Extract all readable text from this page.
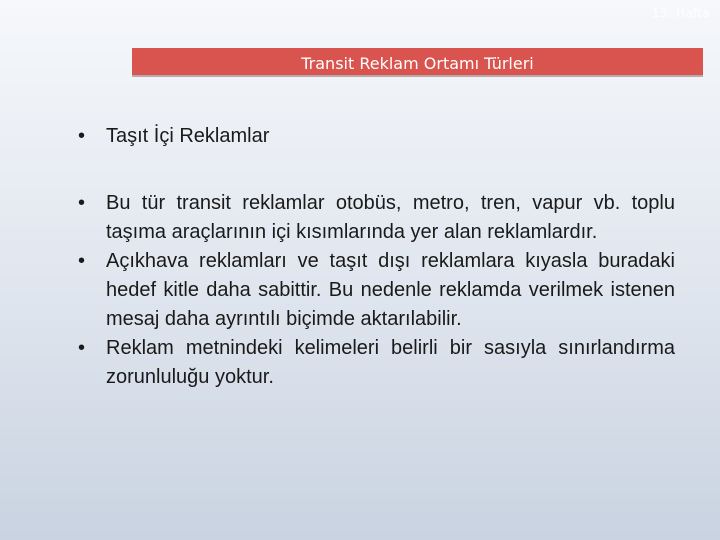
13. Hafta
Transit Reklam Ortamı Türleri
•	Taşıt İçi Reklamlar
•	Bu tür transit reklamlar otobüs, metro, tren, vapur vb. toplu taşıma araçlarının içi kısımlarında yer alan reklamlardır.
•	Açıkhava reklamları ve taşıt dışı reklamlara kıyasla buradaki hedef kitle daha sabittir. Bu nedenle reklamda verilmek istenen mesaj daha ayrıntılı biçimde aktarılabilir.
•	Reklam metnindeki kelimeleri belirli bir sasıyla sınırlandırma zorunluluğu yoktur.
